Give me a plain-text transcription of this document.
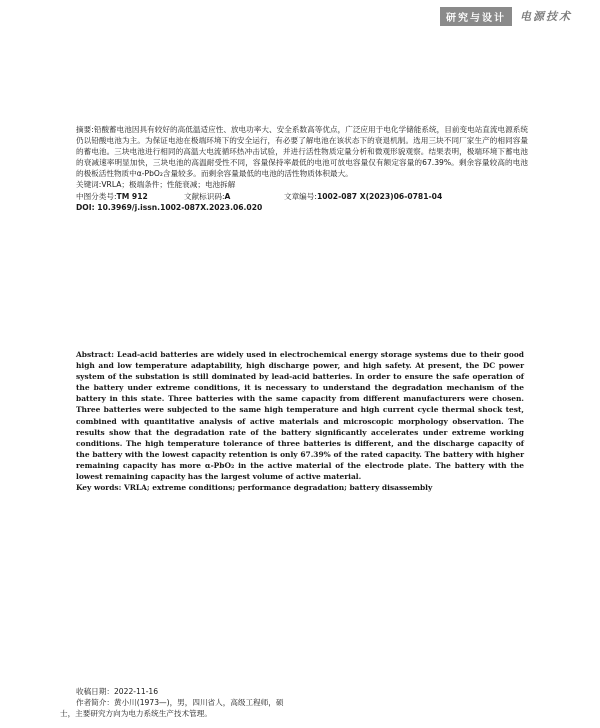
研究与设计	电源技术

摘要:铅酸蓄电池因具有较好的高低温适应性、放电功率大、安全系数高等优点，广泛应用于电化学储能系统，目前变电站直流电源系统仍以铅酸电池为主。为保证电池在极端环境下的安全运行，有必要了解电池在该状态下的衰退机制。选用三块不同厂家生产的相同容量的蓄电池。三块电池进行相同的高温大电流循环热冲击试验，并进行活性物质定量分析和微观形貌观察。结果表明，极端环境下蓄电池的衰减速率明显加快，三块电池的高温耐受性不同，容量保持率最低的电池可放电容量仅有额定容量的67.39%。剩余容量较高的电池的极板活性物质中α-PbO₂含量较多。而剩余容量最低的电池的活性物质体积最大。

关键词:VRLA；极端条件；性能衰减；电池拆解

中图分类号:TM 912	文献标识码:A	文章编号:1002-087 X(2023)06-0781-04

DOI: 10.3969/j.issn.1002-087X.2023.06.020

Abstract: Lead-acid batteries are widely used in electrochemical energy storage systems due to their good high and low temperature adaptability, high discharge power, and high safety. At present, the DC power system of the substation is still dominated by lead-acid batteries. In order to ensure the safe operation of the battery under extreme conditions, it is necessary to understand the degradation mechanism of the battery in this state. Three batteries with the same capacity from different manufacturers were chosen. Three batteries were subjected to the same high temperature and high current cycle thermal shock test, combined with quantitative analysis of active materials and microscopic morphology observation. The results show that the degradation rate of the battery significantly accelerates under extreme working conditions. The high temperature tolerance of three batteries is different, and the discharge capacity of the battery with the lowest capacity retention is only 67.39% of the rated capacity. The battery with higher remaining capacity has more α-PbO₂ in the active material of the electrode plate. The battery with the lowest remaining capacity has the largest volume of active material.

Key words: VRLA; extreme conditions; performance degradation; battery disassembly

收稿日期：2022-11-16

作者简介：黄小川(1973—)，男，四川省人，高级工程师，硕

士，主要研究方向为电力系统生产技术管理。
